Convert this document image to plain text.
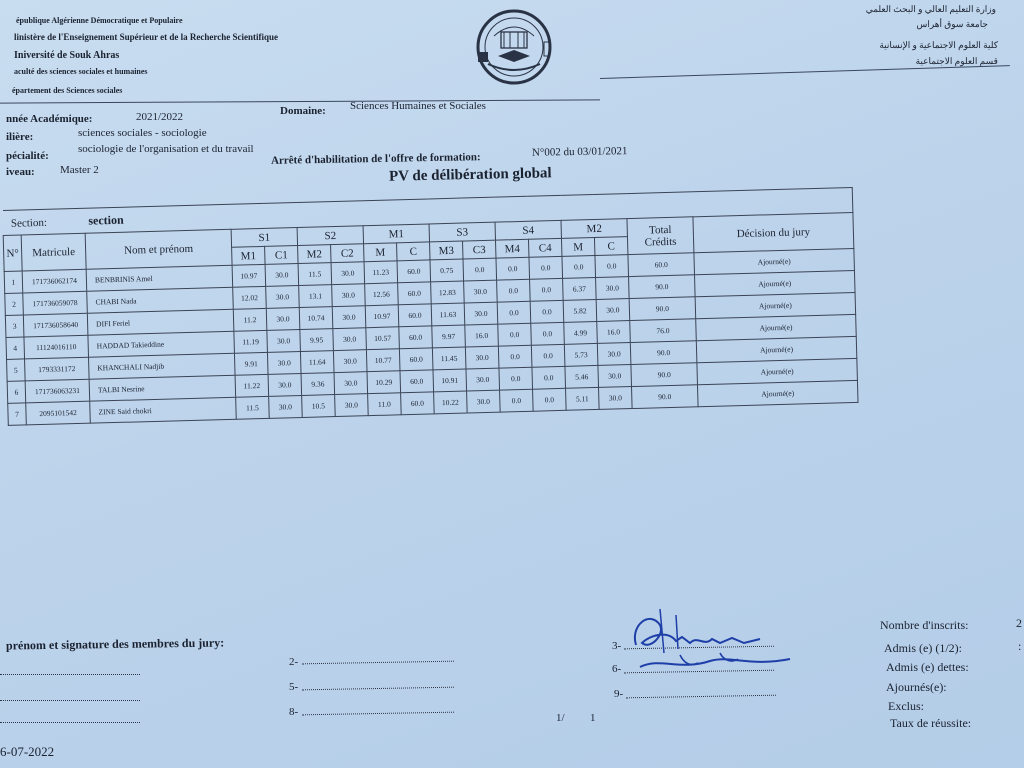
épublique Algérienne Démocratique et Populaire
linistère de l'Enseignement Supérieur et de la Recherche Scientifique
Iniversité de Souk Ahras
aculté des sciences sociales et humaines
épartement des Sciences sociales
وزارة التعليم العالي و البحث العلمي
جامعة سوق أهراس
كلية العلوم الاجتماعية و الإنسانية
قسم العلوم الاجتماعية
nnée Académique:	2021/2022	Domaine: Sciences Humaines et Sociales
ilière:	sciences sociales - sociologie
pécialité:
sociologie de l'organisation et du travail
Arrêté d'habilitation de l'offre de formation:	N°002 du 03/01/2021
iveau: Master 2	PV de délibération global
Section: section																
N°	Matricule	Nom et prénom	S1		S2		M1		S3		S4		M2		Total
Crédits	Décision du jury
			M1	C1	M2	C2	M	C	M3	C3	M4	C4	M	C		
1	171736062174	BENBRINIS Amel	10.97	30.0	11.5	30.0	11.23	60.0	0.75	0.0	0.0	0.0	0.0	0.0	60.0	Ajourné(e)
2	171736059078	CHABI Nada	12.02	30.0	13.1	30.0	12.56	60.0	12.83	30.0	0.0	0.0	6.37	30.0	90.0	Ajourné(e)
3	171736058640	DIFI Feriel	11.2	30.0	10.74	30.0	10.97	60.0	11.63	30.0	0.0	0.0	5.82	30.0	90.0	Ajourné(e)
4	11124016110	HADDAD Takieddine	11.19	30.0	9.95	30.0	10.57	60.0	9.97	16.0	0.0	0.0	4.99	16.0	76.0	Ajourné(e)
5	1793331172	KHANCHALI Nadjib	9.91	30.0	11.64	30.0	10.77	60.0	11.45	30.0	0.0	0.0	5.73	30.0	90.0	Ajourné(e)
6	171736063231	TALBI Nesrine	11.22	30.0	9.36	30.0	10.29	60.0	10.91	30.0	0.0	0.0	5.46	30.0	90.0	Ajourné(e)
7	2095101542	ZINE Said chokri	11.5	30.0	10.5	30.0	11.0	60.0	10.22	30.0	0.0	0.0	5.11	30.0	90.0	Ajourné(e)
prénom et signature des membres du jury:
2-
5-
8-
3-
6-
9-
1/ 1
6-07-2022
Nombre d'inscrits:	2
Admis (e) (1/2):	:
Admis (e) dettes:
Ajournés(e):
Exclus:
Taux de réussite:
